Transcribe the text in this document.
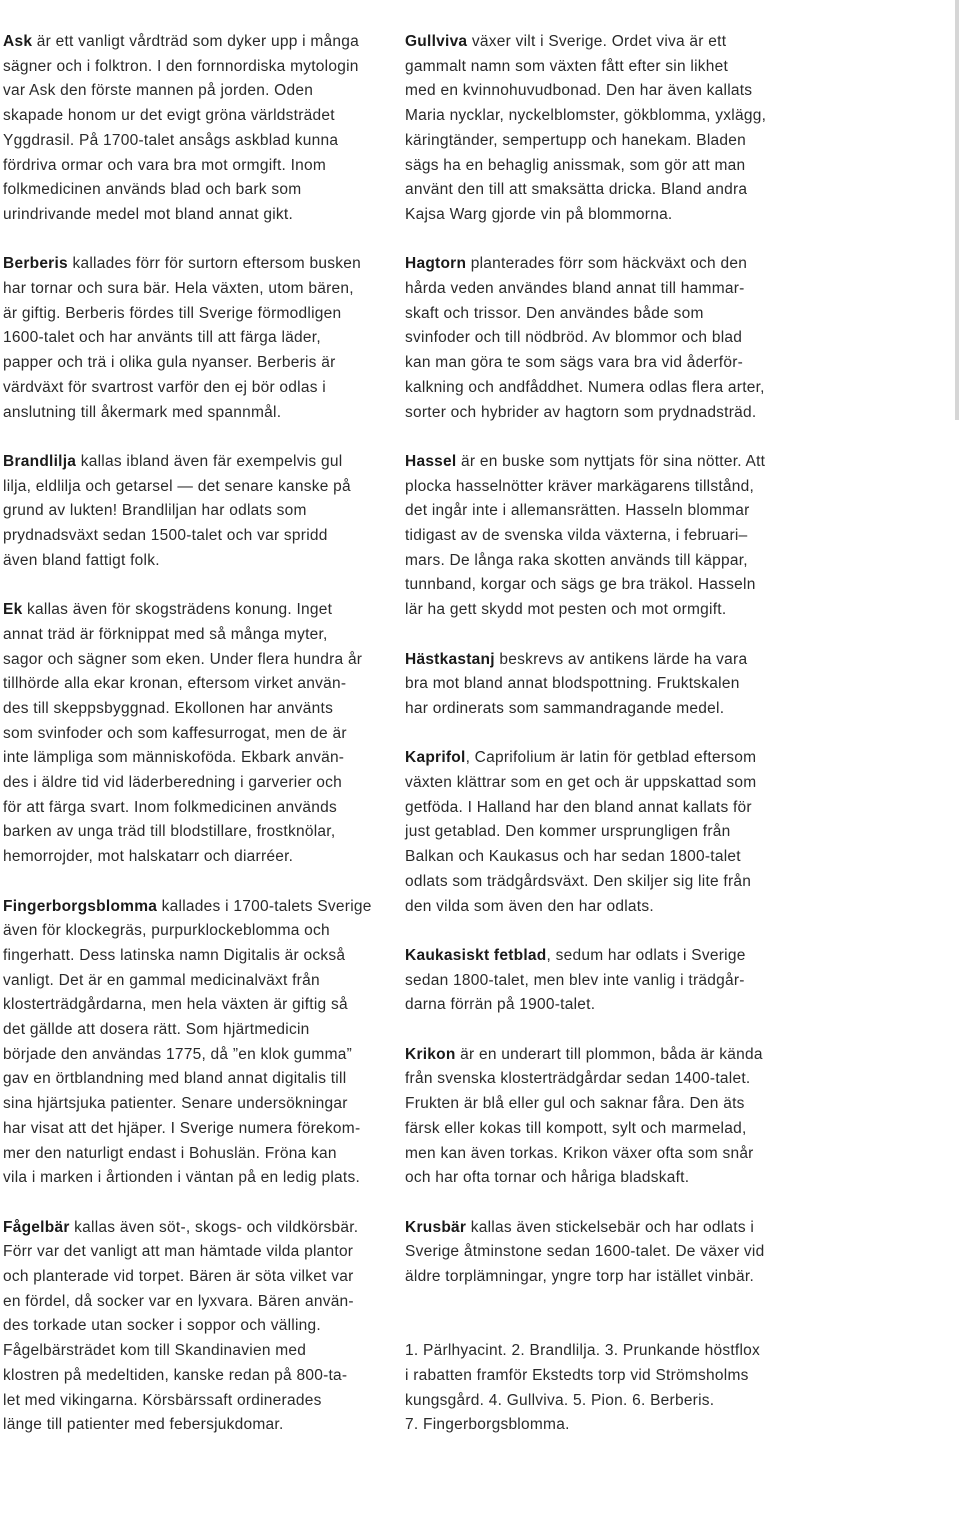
Ask är ett vanligt vårdträd som dyker upp i många
sägner och i folktron. I den fornnordiska mytologin
var Ask den förste mannen på jorden. Oden
skapade honom ur det evigt gröna världsträdet
Yggdrasil. På 1700-talet ansågs askblad kunna
fördriva ormar och vara bra mot ormgift. Inom
folkmedicinen används blad och bark som
urindrivande medel mot bland annat gikt.
Berberis kallades förr för surtorn eftersom busken
har tornar och sura bär. Hela växten, utom bären,
är giftig. Berberis fördes till Sverige förmodligen
1600-talet och har använts till att färga läder,
papper och trä i olika gula nyanser. Berberis är
värdväxt för svartrost varför den ej bör odlas i
anslutning till åkermark med spannmål.
Brandlilja kallas ibland även fär exempelvis gul
lilja, eldlilja och getarsel — det senare kanske på
grund av lukten! Brandliljan har odlats som
prydnadsväxt sedan 1500-talet och var spridd
även bland fattigt folk.
Ek kallas även för skogsträdens konung. Inget
annat träd är förknippat med så många myter,
sagor och sägner som eken. Under flera hundra år
tillhörde alla ekar kronan, eftersom virket använ-
des till skeppsbyggnad. Ekollonen har använts
som svinfoder och som kaffesurrogat, men de är
inte lämpliga som människoföda. Ekbark använ-
des i äldre tid vid läderberedning i garverier och
för att färga svart. Inom folkmedicinen används
barken av unga träd till blodstillare, frostknölar,
hemorrojder, mot halskatarr och diarréer.
Fingerborgsblomma kallades i 1700-talets Sverige
även för klockegräs, purpurklockeblomma och
fingerhatt. Dess latinska namn Digitalis är också
vanligt. Det är en gammal medicinalväxt från
klosterträdgårdarna, men hela växten är giftig så
det gällde att dosera rätt. Som hjärtmedicin
började den användas 1775, då ”en klok gumma”
gav en örtblandning med bland annat digitalis till
sina hjärtsjuka patienter. Senare undersökningar
har visat att det hjäper. I Sverige numera förekom-
mer den naturligt endast i Bohuslän. Fröna kan
vila i marken i årtionden i väntan på en ledig plats.
Fågelbär kallas även söt-, skogs- och vildkörsbär.
Förr var det vanligt att man hämtade vilda plantor
och planterade vid torpet. Bären är söta vilket var
en fördel, då socker var en lyxvara. Bären använ-
des torkade utan socker i soppor och välling.
Fågelbärsträdet kom till Skandinavien med
klostren på medeltiden, kanske redan på 800-ta-
let med vikingarna. Körsbärssaft ordinerades
länge till patienter med febersjukdomar.
Gullviva växer vilt i Sverige. Ordet viva är ett
gammalt namn som växten fått efter sin likhet
med en kvinnohuvudbonad. Den har även kallats
Maria nycklar, nyckelblomster, gökblomma, yxlägg,
käringtänder, sempertupp och hanekam. Bladen
sägs ha en behaglig anissmak, som gör att man
använt den till att smaksätta dricka. Bland andra
Kajsa Warg gjorde vin på blommorna.
Hagtorn planterades förr som häckväxt och den
hårda veden användes bland annat till hammar-
skaft och trissor. Den användes både som
svinfoder och till nödbröd. Av blommor och blad
kan man göra te som sägs vara bra vid åderför-
kalkning och andfåddhet. Numera odlas flera arter,
sorter och hybrider av hagtorn som prydnadsträd.
Hassel är en buske som nyttjats för sina nötter. Att
plocka hasselnötter kräver markägarens tillstånd,
det ingår inte i allemansrätten. Hasseln blommar
tidigast av de svenska vilda växterna, i februari–
mars. De långa raka skotten används till käppar,
tunnband, korgar och sägs ge bra träkol. Hasseln
lär ha gett skydd mot pesten och mot ormgift.
Hästkastanj beskrevs av antikens lärde ha vara
bra mot bland annat blodspottning. Fruktskalen
har ordinerats som sammandragande medel.
Kaprifol, Caprifolium är latin för getblad eftersom
växten klättrar som en get och är uppskattad som
getföda. I Halland har den bland annat kallats för
just getablad. Den kommer ursprungligen från
Balkan och Kaukasus och har sedan 1800-talet
odlats som trädgårdsväxt. Den skiljer sig lite från
den vilda som även den har odlats.
Kaukasiskt fetblad, sedum har odlats i Sverige
sedan 1800-talet, men blev inte vanlig i trädgår-
darna förrän på 1900-talet.
Krikon är en underart till plommon, båda är kända
från svenska klosterträdgårdar sedan 1400-talet.
Frukten är blå eller gul och saknar fåra. Den äts
färsk eller kokas till kompott, sylt och marmelad,
men kan även torkas. Krikon växer ofta som snår
och har ofta tornar och håriga bladskaft.
Krusbär kallas även stickelsebär och har odlats i
Sverige åtminstone sedan 1600-talet. De växer vid
äldre torplämningar, yngre torp har istället vinbär.

1. Pärlhyacint. 2. Brandlilja. 3. Prunkande höstflox
i rabatten framför Ekstedts torp vid Strömsholms
kungsgård. 4. Gullviva. 5. Pion. 6. Berberis.
7. Fingerborgsblomma.
